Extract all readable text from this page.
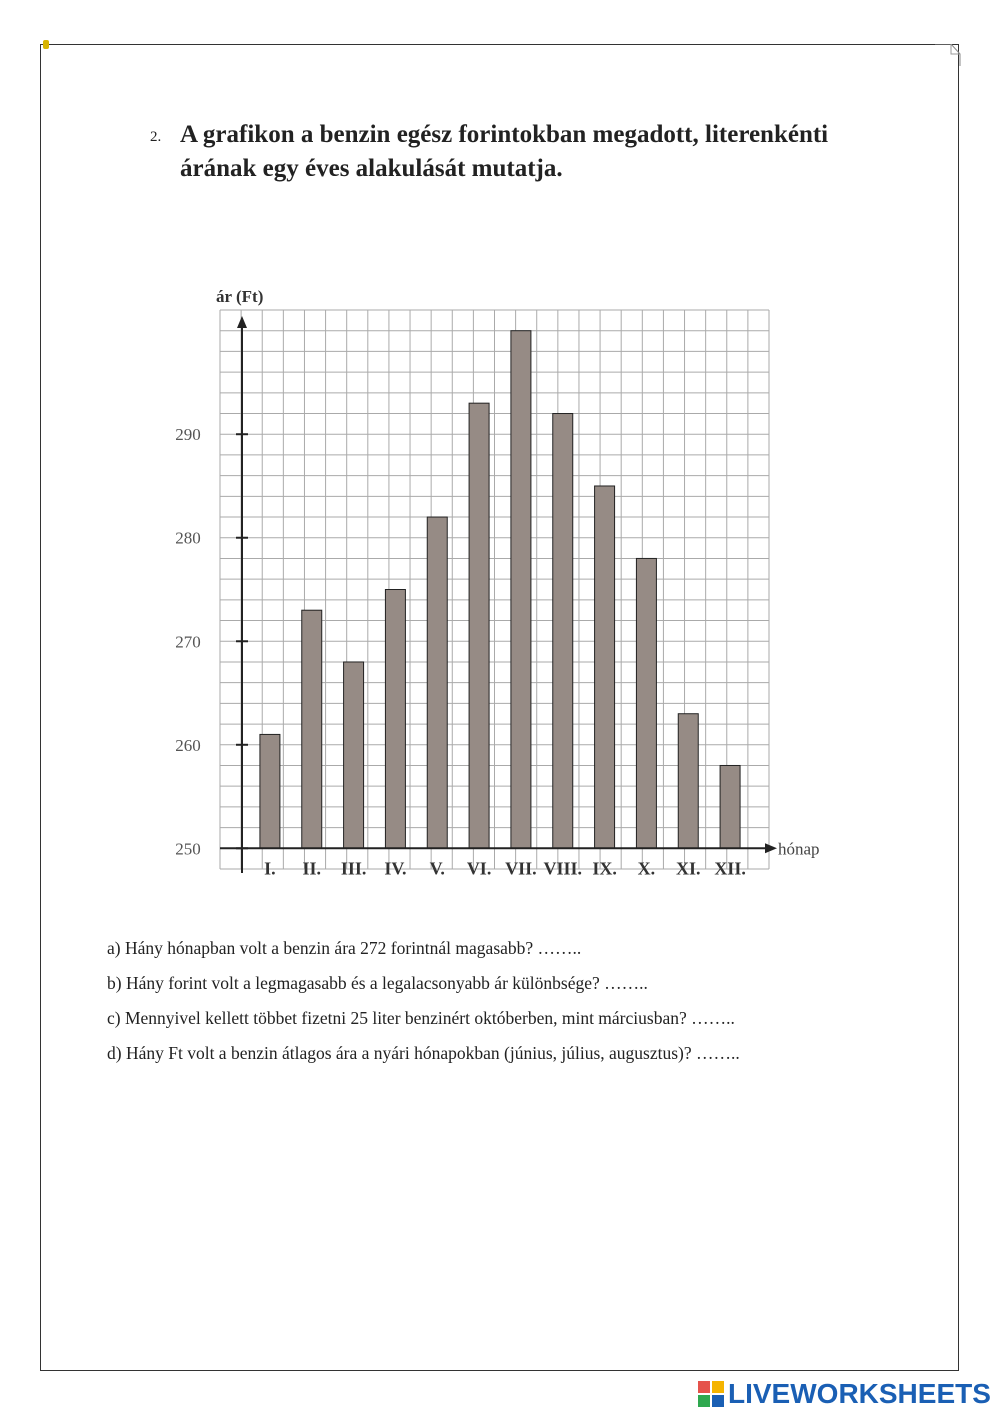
2. A grafikon a benzin egész forintokban megadott, literenkénti
árának egy éves alakulását mutatja.
I. II. III. IV. V. VI. VII. VIII. IX. X. XI. XII.
250
260
270
280
290
ár (Ft)
hónap
a) Hány hónapban volt a benzin ára 272 forintnál magasabb? ……..
b) Hány forint volt a legmagasabb és a legalacsonyabb ár különbsége? ……..
c) Mennyivel kellett többet fizetni 25 liter benzinért októberben, mint márciusban? ……..
d) Hány Ft volt a benzin átlagos ára a nyári hónapokban (június, július, augusztus)? ……..
LIVEWORKSHEETS
